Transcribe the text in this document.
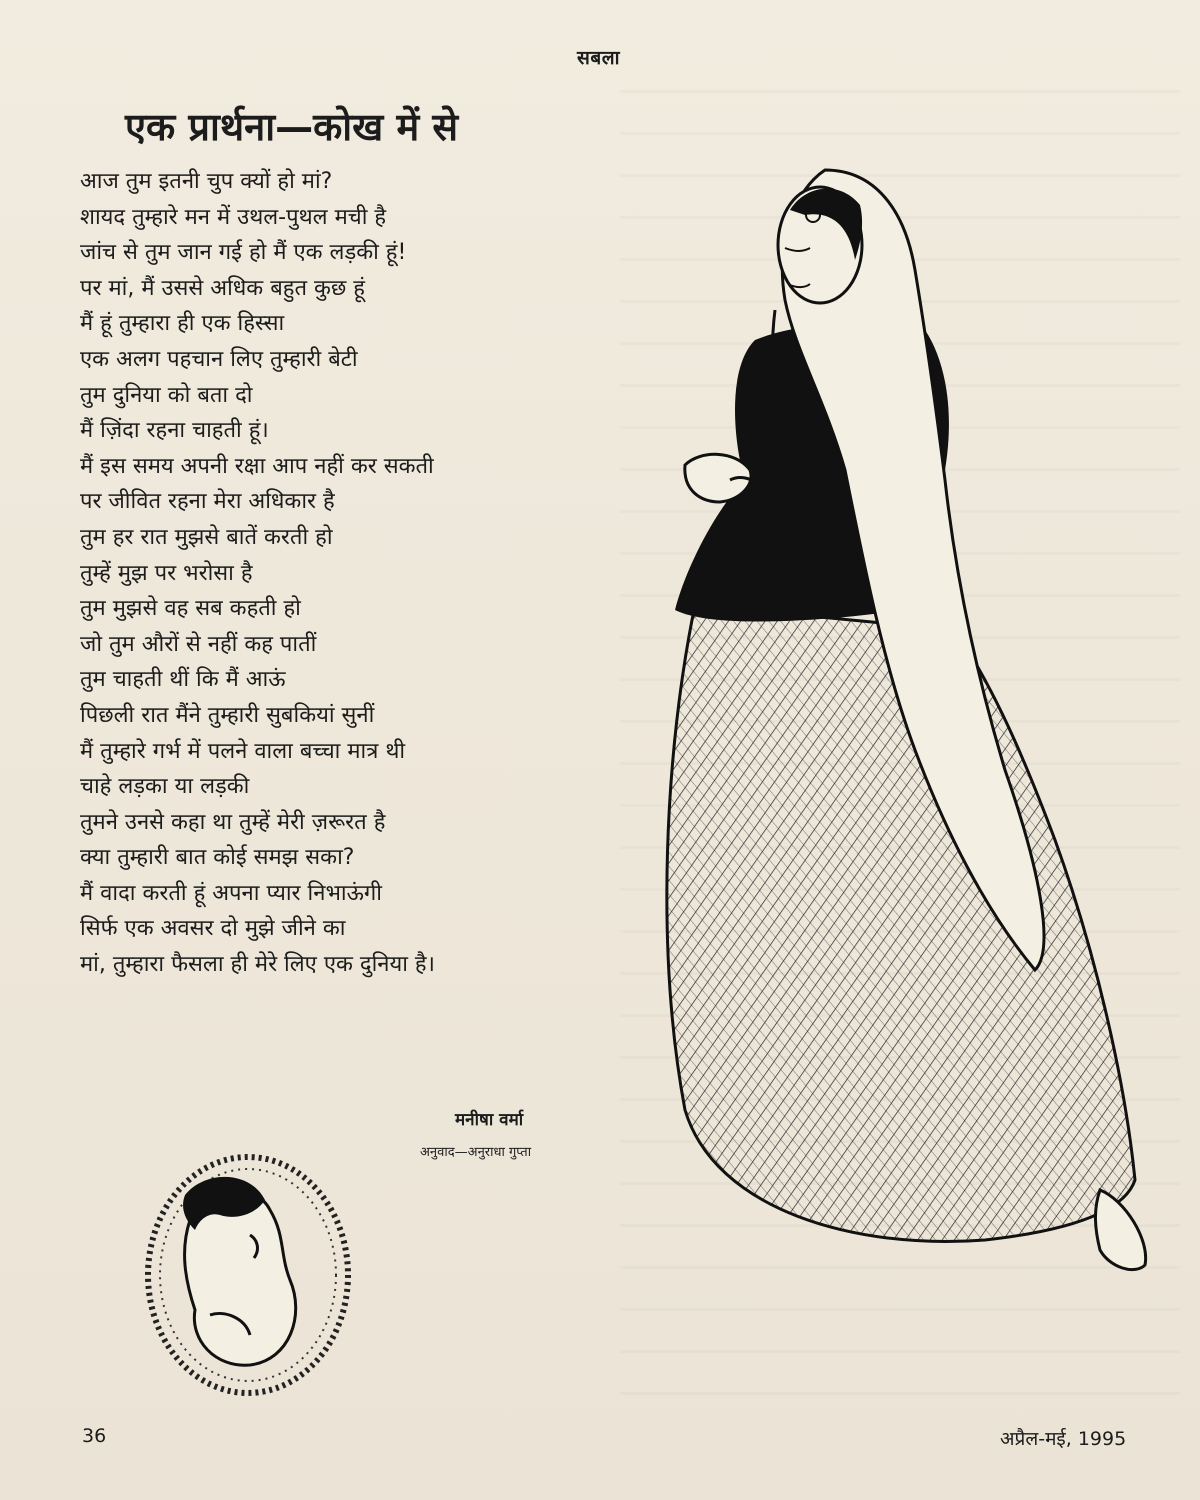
सबला
एक प्रार्थना—कोख में से
आज तुम इतनी चुप क्यों हो मां?
शायद तुम्हारे मन में उथल-पुथल मची है
जांच से तुम जान गई हो मैं एक लड़की हूं!
पर मां, मैं उससे अधिक बहुत कुछ हूं
मैं हूं तुम्हारा ही एक हिस्सा
एक अलग पहचान लिए तुम्हारी बेटी
तुम दुनिया को बता दो
मैं ज़िंदा रहना चाहती हूं।
मैं इस समय अपनी रक्षा आप नहीं कर सकती
पर जीवित रहना मेरा अधिकार है
तुम हर रात मुझसे बातें करती हो
तुम्हें मुझ पर भरोसा है
तुम मुझसे वह सब कहती हो
जो तुम औरों से नहीं कह पातीं
तुम चाहती थीं कि मैं आऊं
पिछली रात मैंने तुम्हारी सुबकियां सुनीं
मैं तुम्हारे गर्भ में पलने वाला बच्चा मात्र थी
चाहे लड़का या लड़की
तुमने उनसे कहा था तुम्हें मेरी ज़रूरत है
क्या तुम्हारी बात कोई समझ सका?
मैं वादा करती हूं अपना प्यार निभाऊंगी
सिर्फ एक अवसर दो मुझे जीने का
मां, तुम्हारा फैसला ही मेरे लिए एक दुनिया है।
मनीषा वर्मा
अनुवाद—अनुराधा गुप्ता
36	अप्रैल-मई, 1995
